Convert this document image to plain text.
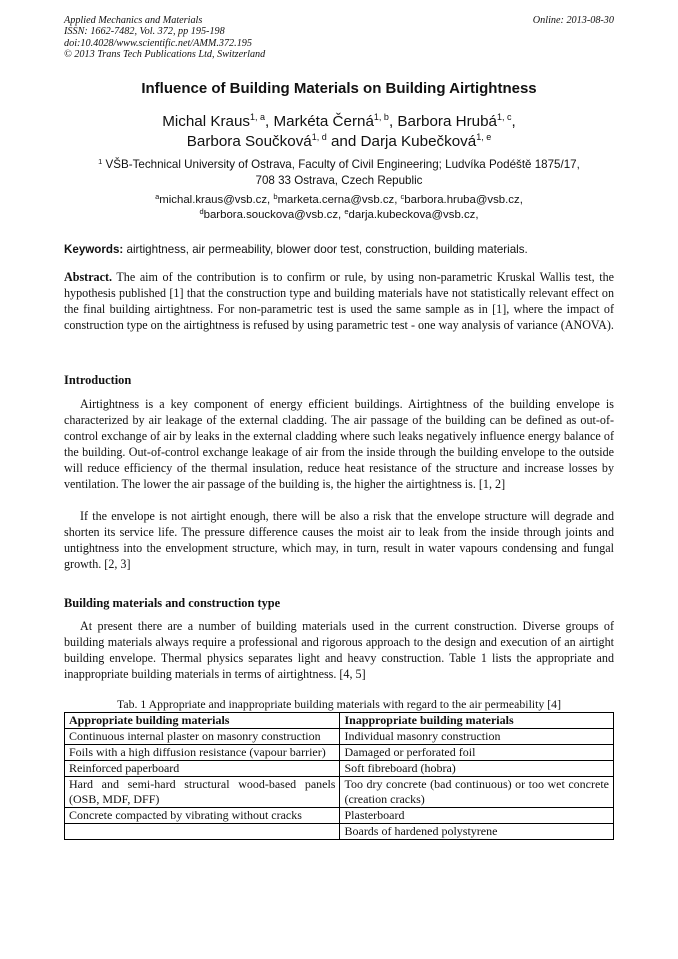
Applied Mechanics and Materials
ISSN: 1662-7482, Vol. 372, pp 195-198
doi:10.4028/www.scientific.net/AMM.372.195
© 2013 Trans Tech Publications Ltd, Switzerland
Online: 2013-08-30
Influence of Building Materials on Building Airtightness
Michal Kraus$^{1, a}$, Markéta Černá$^{1, b}$, Barbora Hrubá$^{1, c}$,
Barbora Součková$^{1, d}$ and Darja Kubečková$^{1, e}$
$^1$ VŠB-Technical University of Ostrava, Faculty of Civil Engineering; Ludvíka Podéště 1875/17,
708 33 Ostrava, Czech Republic
$^a$michal.kraus@vsb.cz, $^b$marketa.cerna@vsb.cz, $^c$barbora.hruba@vsb.cz,
$^d$barbora.souckova@vsb.cz, $^e$darja.kubeckova@vsb.cz,
Keywords: airtightness, air permeability, blower door test, construction, building materials.
Abstract. The aim of the contribution is to confirm or rule, by using non-parametric Kruskal Wallis test, the hypothesis published [1] that the construction type and building materials have not statistically relevant effect on the final building airtightness. For non-parametric test is used the same sample as in [1], where the impact of construction type on the airtightness is refused by using parametric test - one way analysis of variance (ANOVA).
Introduction
Airtightness is a key component of energy efficient buildings. Airtightness of the building envelope is characterized by air leakage of the external cladding. The air passage of the building can be defined as out-of-control exchange of air by leaks in the external cladding where such leaks negatively influence energy balance of the building. Out-of-control exchange leakage of air from the inside through the building envelope to the outside will reduce efficiency of the thermal insulation, reduce heat resistance of the structure and increase losses by ventilation. The lower the air passage of the building is, the higher the airtightness is. [1, 2]
If the envelope is not airtight enough, there will be also a risk that the envelope structure will degrade and shorten its service life. The pressure difference causes the moist air to leak from the inside through joints and untightness into the envelopment structure, which may, in turn, result in water vapours condensing and fungal growth. [2, 3]
Building materials and construction type
At present there are a number of building materials used in the current construction. Diverse groups of building materials always require a professional and rigorous approach to the design and execution of an airtight building envelope. Thermal physics separates light and heavy construction. Table 1 lists the appropriate and inappropriate building materials in terms of airtightness. [4, 5]
Tab. 1 Appropriate and inappropriate building materials with regard to the air permeability [4]
Appropriate building materials	Inappropriate building materials
Continuous internal plaster on masonry construction	Individual masonry construction
Foils with a high diffusion resistance (vapour barrier)	Damaged or perforated foil
Reinforced paperboard	Soft fibreboard (hobra)
Hard and semi-hard structural wood-based panels (OSB, MDF, DFF)	Too dry concrete (bad continuous) or too wet concrete (creation cracks)
Concrete compacted by vibrating without cracks	Plasterboard
	Boards of hardened polystyrene
